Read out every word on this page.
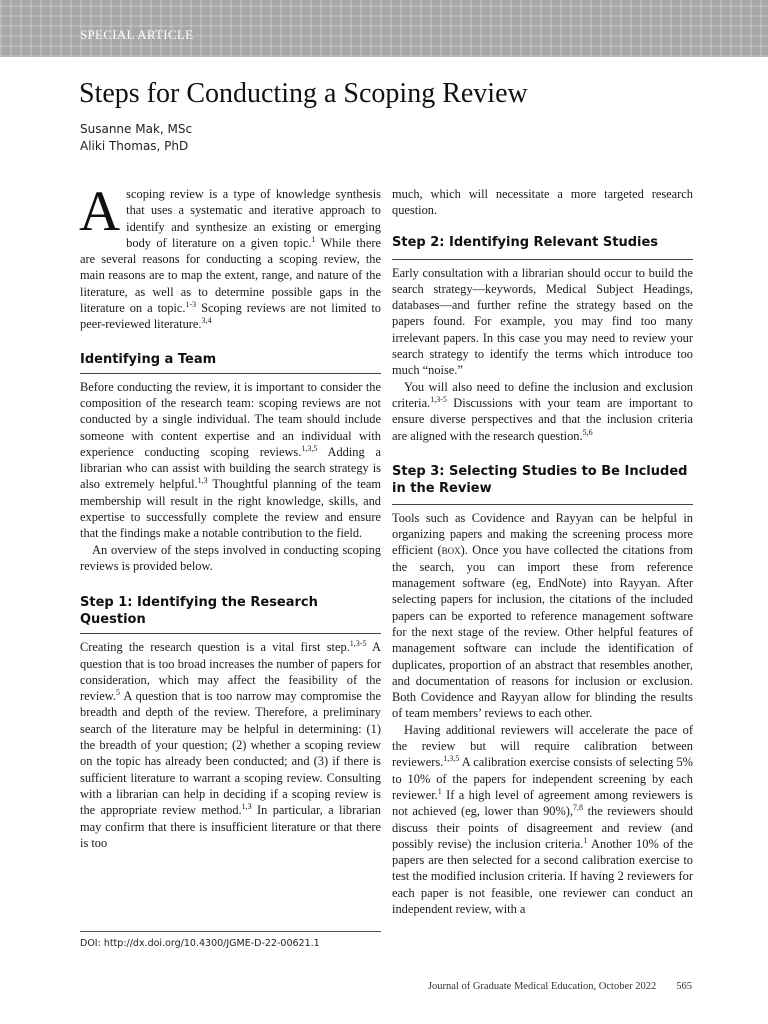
SPECIAL ARTICLE
Steps for Conducting a Scoping Review
Susanne Mak, MSc
Aliki Thomas, PhD

A scoping review is a type of knowledge synthesis that uses a systematic and iterative approach to identify and synthesize an existing or emerging body of literature on a given topic.$^1$ While there are several reasons for conducting a scoping review, the main reasons are to map the extent, range, and nature of the literature, as well as to determine possible gaps in the literature on a topic.$^{1-3}$ Scoping reviews are not limited to peer-reviewed literature.$^{3,4}$

Identifying a Team

Before conducting the review, it is important to consider the composition of the research team: scoping reviews are not conducted by a single individual. The team should include someone with content expertise and an individual with experience conducting scoping reviews.$^{1,3,5}$ Adding a librarian who can assist with building the search strategy is also extremely helpful.$^{1,3}$ Thoughtful planning of the team membership will result in the right knowledge, skills, and expertise to successfully complete the review and ensure that the findings make a notable contribution to the field.

An overview of the steps involved in conducting scoping reviews is provided below.

Step 1: Identifying the Research Question

Creating the research question is a vital first step.$^{1,3-5}$ A question that is too broad increases the number of papers for consideration, which may affect the feasibility of the review.$^5$ A question that is too narrow may compromise the breadth and depth of the review. Therefore, a preliminary search of the literature may be helpful in determining: (1) the breadth of your question; (2) whether a scoping review on the topic has already been conducted; and (3) if there is sufficient literature to warrant a scoping review. Consulting with a librarian can help in deciding if a scoping review is the appropriate review method.$^{1,3}$ In particular, a librarian may confirm that there is insufficient literature or that there is too

DOI: http://dx.doi.org/10.4300/JGME-D-22-00621.1

much, which will necessitate a more targeted research question.

Step 2: Identifying Relevant Studies

Early consultation with a librarian should occur to build the search strategy—keywords, Medical Subject Headings, databases—and further refine the strategy based on the papers found. For example, you may find too many irrelevant papers. In this case you may need to review your search strategy to identify the terms which introduce too much “noise.”

You will also need to define the inclusion and exclusion criteria.$^{1,3-5}$ Discussions with your team are important to ensure diverse perspectives and that the inclusion criteria are aligned with the research question.$^{5,6}$

Step 3: Selecting Studies to Be Included in the Review

Tools such as Covidence and Rayyan can be helpful in organizing papers and making the screening process more efficient (box). Once you have collected the citations from the search, you can import these from reference management software (eg, EndNote) into Rayyan. After selecting papers for inclusion, the citations of the included papers can be exported to reference management software for the next stage of the review. Other helpful features of management software can include the identification of duplicates, proportion of an abstract that resembles another, and documentation of reasons for inclusion or exclusion. Both Covidence and Rayyan allow for blinding the results of team members’ reviews to each other.

Having additional reviewers will accelerate the pace of the review but will require calibration between reviewers.$^{1,3,5}$ A calibration exercise consists of selecting 5% to 10% of the papers for independent screening by each reviewer.$^1$ If a high level of agreement among reviewers is not achieved (eg, lower than 90%),$^{7,8}$ the reviewers should discuss their points of disagreement and review (and possibly revise) the inclusion criteria.$^1$ Another 10% of the papers are then selected for a second calibration exercise to test the modified inclusion criteria. If having 2 reviewers for each paper is not feasible, one reviewer can conduct an independent review, with a

Journal of Graduate Medical Education, October 2022 565
